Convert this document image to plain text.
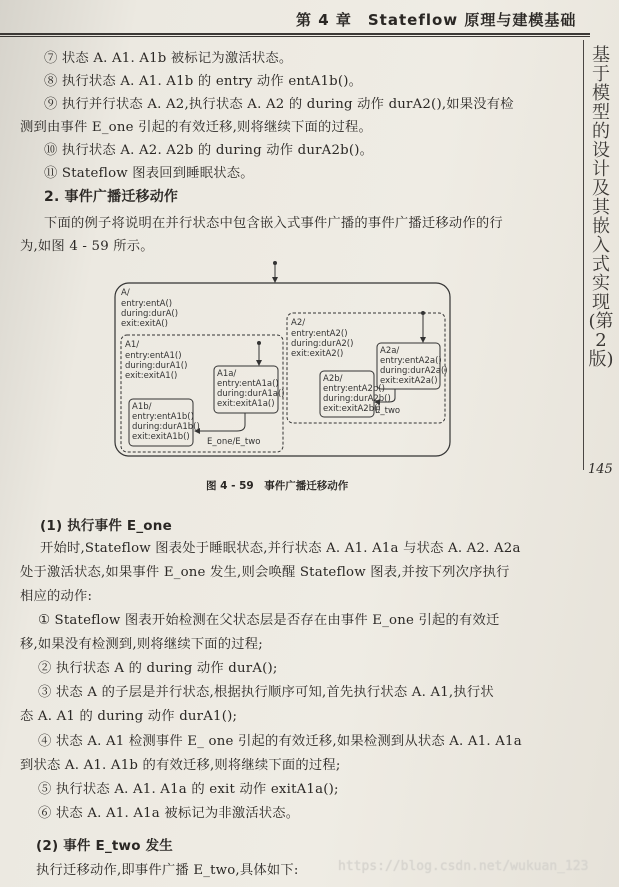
第 4 章　Stateflow 原理与建模基础
基于模型的设计及其嵌入式实现(第2版)
145
⑦ 状态 A. A1. A1b 被标记为激活状态。
⑧ 执行状态 A. A1. A1b 的 entry 动作 entA1b()。
⑨ 执行并行状态 A. A2,执行状态 A. A2 的 during 动作 durA2(),如果没有检
测到由事件 E_one 引起的有效迁移,则将继续下面的过程。
⑩ 执行状态 A. A2. A2b 的 during 动作 durA2b()。
⑪ Stateflow 图表回到睡眠状态。
2. 事件广播迁移动作
下面的例子将说明在并行状态中包含嵌入式事件广播的事件广播迁移动作的行
为,如图 4 - 59 所示。
A/
entry:entA()
during:durA()
exit:exitA()
A1/
entry:entA1()
during:durA1()
exit:exitA1()	A1a/
entry:entA1a()
during:durA1a()
exit:exitA1a()
A1b/
entry:entA1b()
during:durA1b()
exit:exitA1b() E_one/E_two
A2/
entry:entA2()
during:durA2()
exit:exitA2()	A2a/
entry:entA2a()
during:durA2a()
exit:exitA2a()
A2b/
entry:entA2b()
during:durA2b()
exit:exitA2b()
E_two
图 4 - 59　事件广播迁移动作
(1) 执行事件 E_one
开始时,Stateflow 图表处于睡眠状态,并行状态 A. A1. A1a 与状态 A. A2. A2a
处于激活状态,如果事件 E_one 发生,则会唤醒 Stateflow 图表,并按下列次序执行
相应的动作:
① Stateflow 图表开始检测在父状态层是否存在由事件 E_one 引起的有效迁
移,如果没有检测到,则将继续下面的过程;
② 执行状态 A 的 during 动作 durA();
③ 状态 A 的子层是并行状态,根据执行顺序可知,首先执行状态 A. A1,执行状
态 A. A1 的 during 动作 durA1();
④ 状态 A. A1 检测事件 E_ one 引起的有效迁移,如果检测到从状态 A. A1. A1a
到状态 A. A1. A1b 的有效迁移,则将继续下面的过程;
⑤ 执行状态 A. A1. A1a 的 exit 动作 exitA1a();
⑥ 状态 A. A1. A1a 被标记为非激活状态。
(2) 事件 E_two 发生
执行迁移动作,即事件广播 E_two,具体如下:	https://blog.csdn.net/wukuan_123
